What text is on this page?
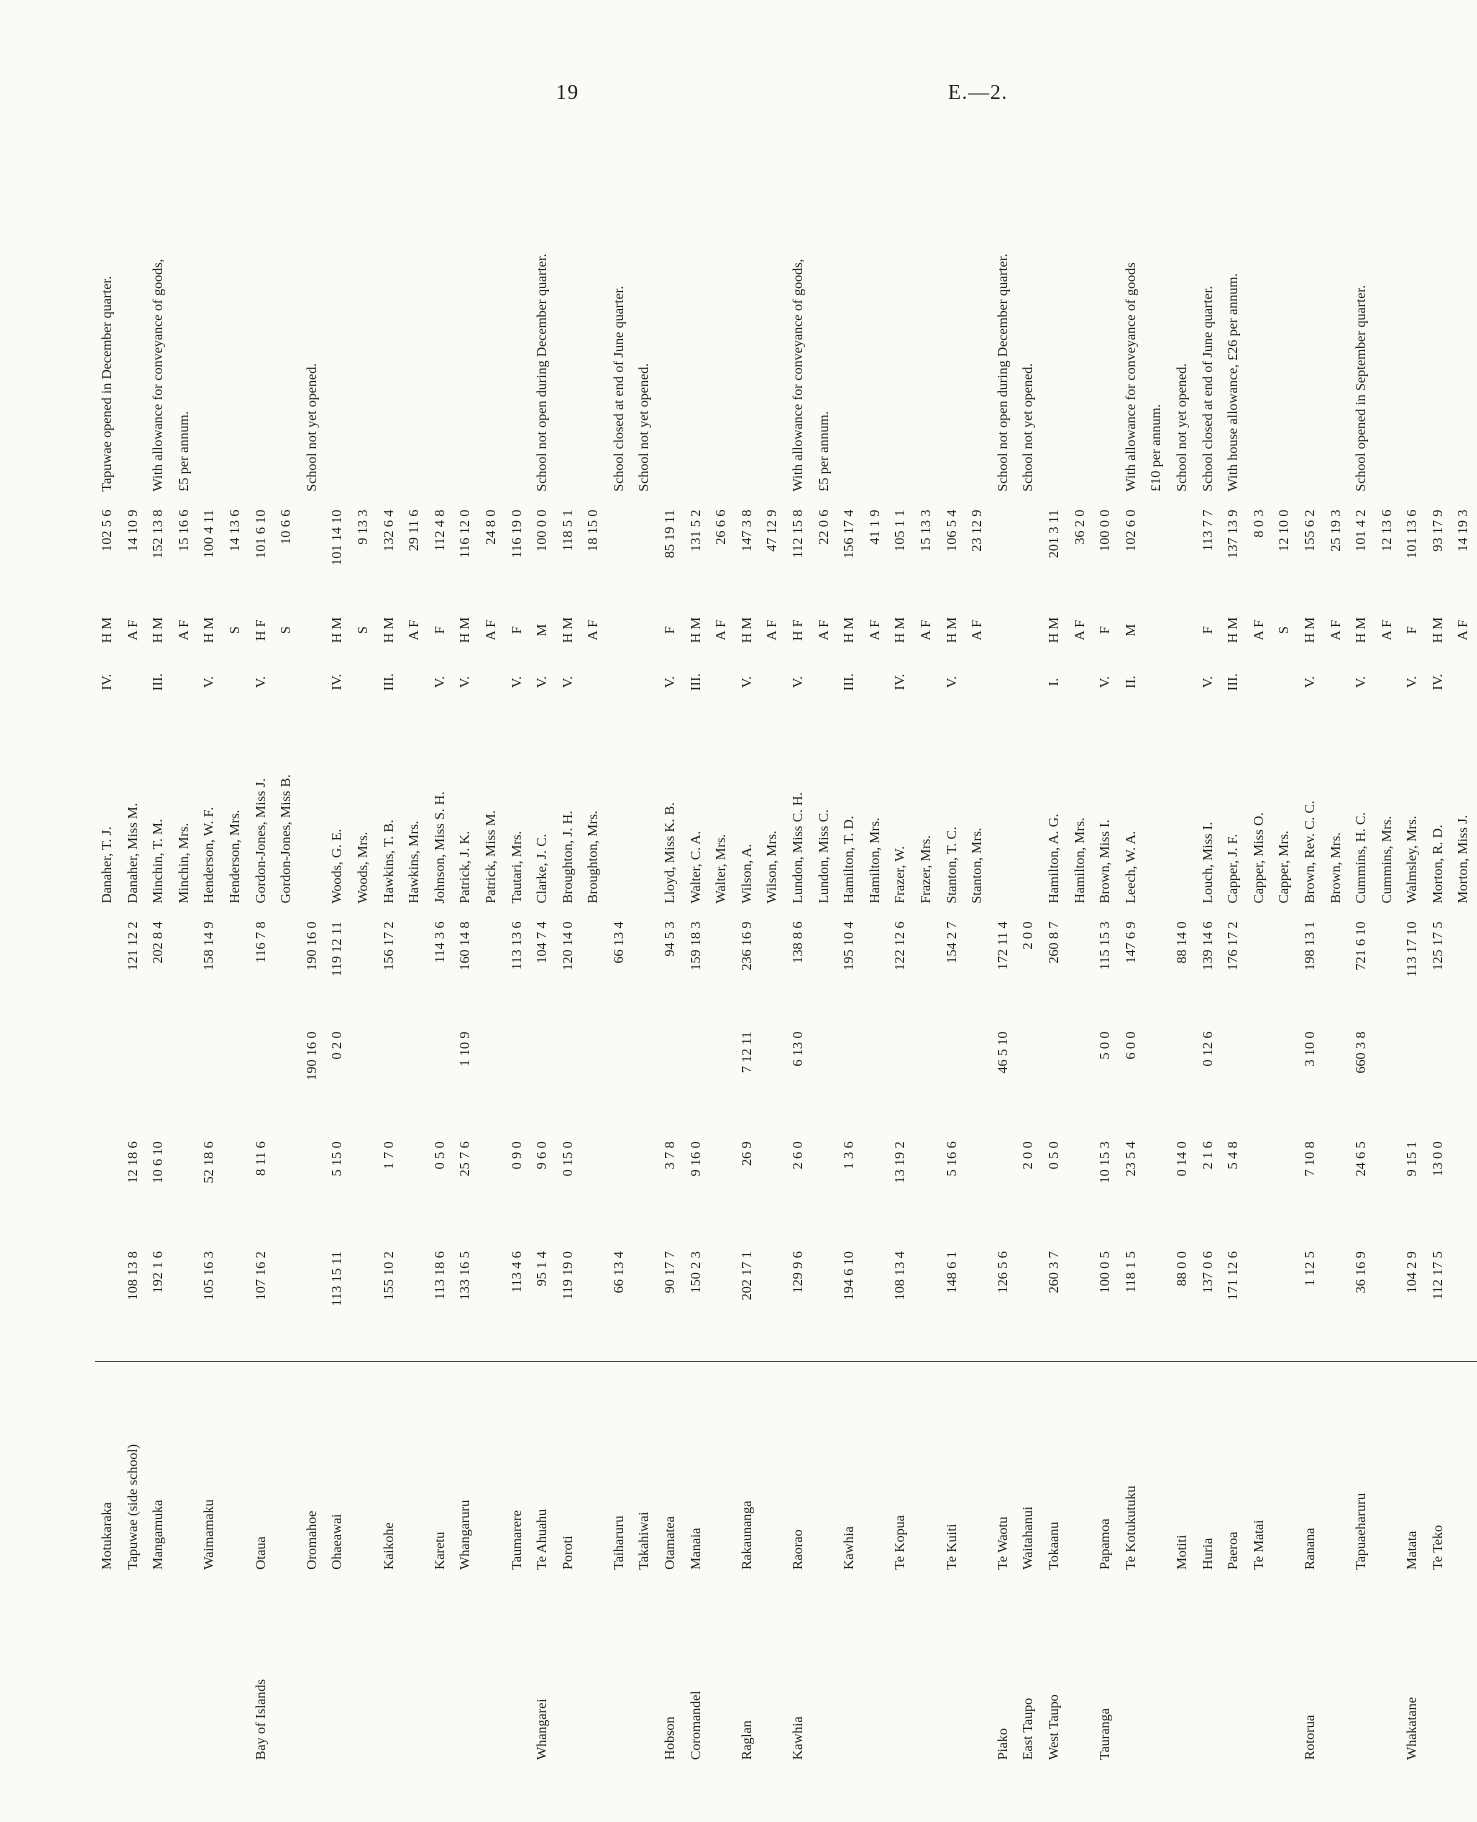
19	E.—2.
Motukaraka
Danaher, T. J.
IV.
H M
102 5 6
Tapuwae opened in December quarter.
Tapuwae (side school)
108 13 8
12 18 6
121 12 2
Danaher, Miss M.
A F
14 10 9
Mangamuka
192 1 6
10 6 10
202 8 4
Minchin, T. M.
III.
H M
152 13 8
With allowance for conveyance of goods,
Minchin, Mrs.
A F
15 16 6
£5 per annum.
Waimamaku
105 16 3
52 18 6
158 14 9
Henderson, W. F.
V.
H M
100 4 11
Henderson, Mrs.
S
14 13 6
Bay of Islands
Otaua
107 16 2
8 11 6
116 7 8
Gordon-Jones, Miss J.
V.
H F
101 6 10
Gordon-Jones, Miss B.
S
10 6 6
Oromahoe
190 16 0
190 16 0
School not yet opened.
Ohaeawai
113 15 11
5 15 0
0 2 0
119 12 11
Woods, G. E.
IV.
H M
101 14 10
Woods, Mrs.
S
9 13 3
Kaikohe
155 10 2
1 7 0
156 17 2
Hawkins, T. B.
III.
H M
132 6 4
Hawkins, Mrs.
A F
29 11 6
Karetu
113 18 6
0 5 0
114 3 6
Johnson, Miss S. H.
V.
F
112 4 8
Whangaruru
133 16 5
25 7 6
1 10 9
160 14 8
Patrick, J. K.
V.
H M
116 12 0
Patrick, Miss M.
A F
24 8 0
Taumarere
113 4 6
0 9 0
113 13 6
Tautari, Mrs.
V.
F
116 19 0
Whangarei
Te Ahuahu
95 1 4
9 6 0
104 7 4
Clarke, J. C.
V.
M
100 0 0
School not open during December quarter.
Poroti
119 19 0
0 15 0
120 14 0
Broughton, J. H.
V.
H M
118 5 1
Broughton, Mrs.
A F
18 15 0
Taiharuru
66 13 4
66 13 4
School closed at end of June quarter.
Takahiwai
School not yet opened.
Hobson
Otamatea
90 17 7
3 7 8
94 5 3
Lloyd, Miss K. B.
V.
F
85 19 11
Coromandel
Manaia
150 2 3
9 16 0
159 18 3
Walter, C. A.
III.
H M
131 5 2
Walter, Mrs.
A F
26 6 6
Raglan
Rakaunanga
202 17 1
26 9
7 12 11
236 16 9
Wilson, A.
V.
H M
147 3 8
Wilson, Mrs.
A F
47 12 9
Kawhia
Raorao
129 9 6
2 6 0
6 13 0
138 8 6
Lundon, Miss C. H.
V.
H F
112 15 8
With allowance for conveyance of goods,
Lundon, Miss C.
A F
22 0 6
£5 per annum.
Kawhia
194 6 10
1 3 6
195 10 4
Hamilton, T. D.
III.
H M
156 17 4
Hamilton, Mrs.
A F
41 1 9
Te Kopua
108 13 4
13 19 2
122 12 6
Frazer, W.
IV.
H M
105 1 1
Frazer, Mrs.
A F
15 13 3
Te Kuiti
148 6 1
5 16 6
154 2 7
Stanton, T. C.
V.
H M
106 5 4
Stanton, Mrs.
A F
23 12 9
Piako
Te Waotu
126 5 6
46 5 10
172 11 4
School not open during December quarter.
East Taupo
Waitahanui
2 0 0
2 0 0
School not yet opened.
West Taupo
Tokaanu
260 3 7
0 5 0
260 8 7
Hamilton, A. G.
I.
H M
201 3 11
Hamilton, Mrs.
A F
36 2 0
Tauranga
Papamoa
100 0 5
10 15 3
5 0 0
115 15 3
Brown, Miss I.
V.
F
100 0 0
Te Kotukutuku
118 1 5
23 5 4
6 0 0
147 6 9
Leech, W. A.
II.
M
102 6 0
With allowance for conveyance of goods £10 per annum.
Motiti
88 0 0
0 14 0
88 14 0
School not yet opened.
Huria
137 0 6
2 1 6
0 12 6
139 14 6
Louch, Miss I.
V.
F
113 7 7
School closed at end of June quarter.
Paeroa
171 12 6
5 4 8
176 17 2
Capper, J. F.
III.
H M
137 13 9
With house allowance, £26 per annum.
Te Matai
Capper, Miss O.
A F
8 0 3
Capper, Mrs.
S
12 10 0
Rotorua
Ranana
1 12 5
7 10 8
3 10 0
198 13 1
Brown, Rev. C. C.
V.
H M
155 6 2
Brown, Mrs.
A F
25 19 3
Tapuaeharuru
36 16 9
24 6 5
660 3 8
721 6 10
Cummins, H. C.
V.
H M
101 4 2
School opened in September quarter.
Cummins, Mrs.
A F
12 13 6
Whakatane
Matata
104 2 9
9 15 1
113 17 10
Walmsley, Mrs.
V.
F
101 13 6
Te Teko
112 17 5
13 0 0
125 17 5
Morton, R. D.
IV.
H M
93 17 9
Morton, Miss J.
A F
14 19 3
